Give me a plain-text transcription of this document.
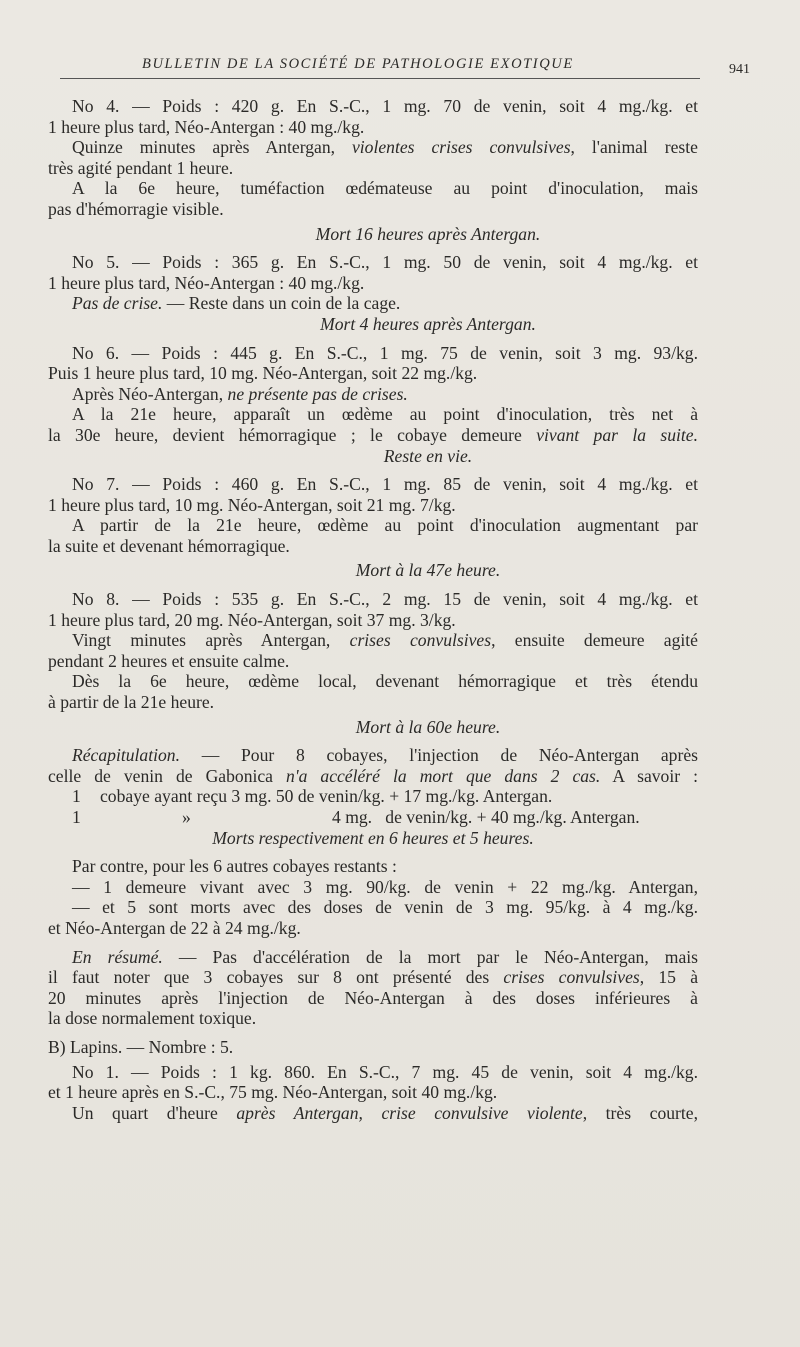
BULLETIN DE LA SOCIÉTÉ DE PATHOLOGIE EXOTIQUE	941

No 4. — Poids : 420 g. En S.-C., 1 mg. 70 de venin, soit 4 mg./kg. et

1 heure plus tard, Néo-Antergan : 40 mg./kg.

Quinze minutes après Antergan, violentes crises convulsives, l'animal reste

très agité pendant 1 heure.

A la 6e heure, tuméfaction œdémateuse au point d'inoculation, mais

pas d'hémorragie visible.

Mort 16 heures après Antergan.

No 5. — Poids : 365 g. En S.-C., 1 mg. 50 de venin, soit 4 mg./kg. et

1 heure plus tard, Néo-Antergan : 40 mg./kg.

Pas de crise. — Reste dans un coin de la cage.

Mort 4 heures après Antergan.

No 6. — Poids : 445 g. En S.-C., 1 mg. 75 de venin, soit 3 mg. 93/kg.

Puis 1 heure plus tard, 10 mg. Néo-Antergan, soit 22 mg./kg.

Après Néo-Antergan, ne présente pas de crises.

A la 21e heure, apparaît un œdème au point d'inoculation, très net à

la 30e heure, devient hémorragique ; le cobaye demeure vivant par la suite.

Reste en vie.

No 7. — Poids : 460 g. En S.-C., 1 mg. 85 de venin, soit 4 mg./kg. et

1 heure plus tard, 10 mg. Néo-Antergan, soit 21 mg. 7/kg.

A partir de la 21e heure, œdème au point d'inoculation augmentant par

la suite et devenant hémorragique.

Mort à la 47e heure.

No 8. — Poids : 535 g. En S.-C., 2 mg. 15 de venin, soit 4 mg./kg. et

1 heure plus tard, 20 mg. Néo-Antergan, soit 37 mg. 3/kg.

Vingt minutes après Antergan, crises convulsives, ensuite demeure agité

pendant 2 heures et ensuite calme.

Dès la 6e heure, œdème local, devenant hémorragique et très étendu

à partir de la 21e heure.

Mort à la 60e heure.

Récapitulation. — Pour 8 cobayes, l'injection de Néo-Antergan après

celle de venin de Gabonica n'a accéléré la mort que dans 2 cas. A savoir :

1	cobaye ayant reçu 3 mg. 50 de venin/kg. + 17 mg./kg. Antergan.
1	»	4 mg.   de venin/kg. + 40 mg./kg. Antergan.

Morts respectivement en 6 heures et 5 heures.

Par contre, pour les 6 autres cobayes restants :

— 1 demeure vivant avec 3 mg. 90/kg. de venin + 22 mg./kg. Antergan,

— et 5 sont morts avec des doses de venin de 3 mg. 95/kg. à 4 mg./kg.

et Néo-Antergan de 22 à 24 mg./kg.

En résumé. — Pas d'accélération de la mort par le Néo-Antergan, mais

il faut noter que 3 cobayes sur 8 ont présenté des crises convulsives, 15 à

20 minutes après l'injection de Néo-Antergan à des doses inférieures à

la dose normalement toxique.

B) Lapins. — Nombre : 5.

No 1. — Poids : 1 kg. 860. En S.-C., 7 mg. 45 de venin, soit 4 mg./kg.

et 1 heure après en S.-C., 75 mg. Néo-Antergan, soit 40 mg./kg.

Un quart d'heure après Antergan, crise convulsive violente, très courte,
